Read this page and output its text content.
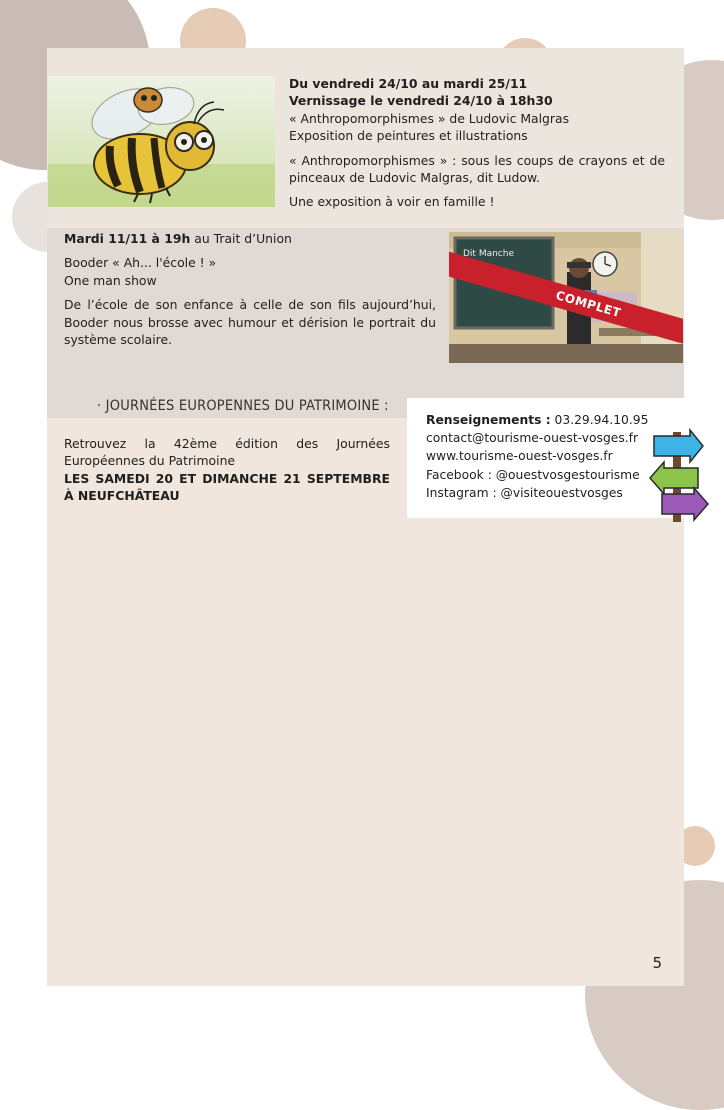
Du vendredi 24/10 au mardi 25/11

Vernissage le vendredi 24/10 à 18h30

« Anthropomorphismes » de Ludovic Malgras

Exposition de peintures et illustrations

« Anthropomorphismes » : sous les coups de crayons et de pinceaux de Ludovic Malgras, dit Ludow.

Une exposition à voir en famille !

Mardi 11/11 à 19h au Trait d’Union

Booder « Ah... l'école ! »

One man show

De l’école de son enfance à celle de son fils aujourd’hui, Booder nous brosse avec humour et dérision le portrait du système scolaire.

Dit Manche
COMPLET
· JOURNÉES EUROPENNES DU PATRIMOINE :

Retrouvez la 42ème édition des Journées Européennes du Patrimoine

LES SAMEDI 20 ET DIMANCHE 21 SEPTEMBRE À NEUFCHÂTEAU

5

Renseignements : 03.29.94.10.95

contact@tourisme-ouest-vosges.fr

www.tourisme-ouest-vosges.fr

Facebook : @ouestvosgestourisme

Instagram : @visiteouestvosges
